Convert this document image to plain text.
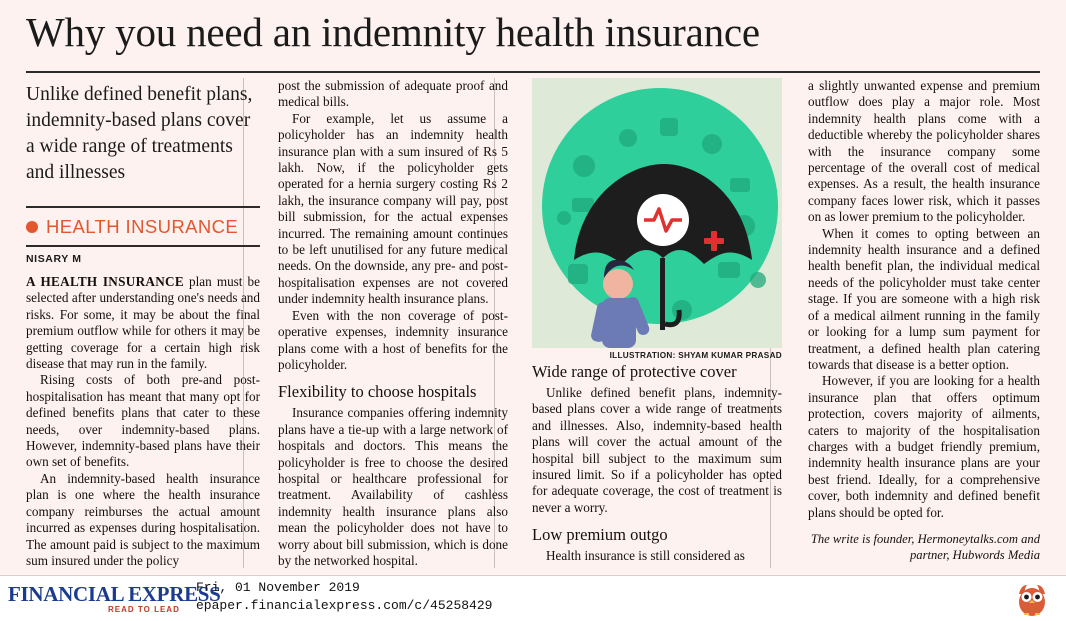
Why you need an indemnity health insurance
Unlike defined benefit plans, indemnity-based plans cover a wide range of treatments and illnesses
HEALTH INSURANCE
NISARY M

A HEALTH INSURANCE plan must be selected after understanding one's needs and risks. For some, it may be about the final premium outflow while for others it may be getting coverage for a certain high risk disease that may run in the family.

Rising costs of both pre-and post-hospitalisation has meant that many opt for defined benefits plans that cater to these needs, over indemnity-based plans. However, indemnity-based plans have their own set of benefits.

An indemnity-based health insurance plan is one where the health insurance company reimburses the actual amount incurred as expenses during hospitalisation. The amount paid is subject to the maximum sum insured under the policy

post the submission of adequate proof and medical bills.

For example, let us assume a policyholder has an indemnity health insurance plan with a sum insured of Rs 5 lakh. Now, if the policyholder gets operated for a hernia surgery costing Rs 2 lakh, the insurance company will pay, post bill submission, for the actual expenses incurred. The remaining amount continues to be left unutilised for any future medical needs. On the downside, any pre- and post-hospitalisation expenses are not covered under indemnity health insurance plans.

Even with the non coverage of post-operative expenses, indemnity insurance plans come with a host of benefits for the policyholder.

Flexibility to choose hospitals

Insurance companies offering indemnity plans have a tie-up with a large network of hospitals and doctors. This means the policyholder is free to choose the desired hospital or healthcare professional for treatment. Availability of cashless indemnity health insurance plans also mean the policyholder does not have to worry about bill submission, which is done by the networked hospital.

ILLUSTRATION: SHYAM KUMAR PRASAD
Wide range of protective cover

Unlike defined benefit plans, indemnity-based plans cover a wide range of treatments and illnesses. Also, indemnity-based health plans will cover the actual amount of the hospital bill subject to the maximum sum insured limit. So if a policyholder has opted for adequate coverage, the cost of treatment is never a worry.

Low premium outgo

Health insurance is still considered as

a slightly unwanted expense and premium outflow does play a major role. Most indemnity health plans come with a deductible whereby the policyholder shares with the insurance company some percentage of the overall cost of medical expenses. As a result, the health insurance company faces lower risk, which it passes on as lower premium to the policyholder.

When it comes to opting between an indemnity health insurance and a defined health benefit plan, the individual medical needs of the policyholder must take center stage. If you are someone with a high risk of a medical ailment running in the family or looking for a lump sum payment for treatment, a defined health plan catering towards that disease is a better option.

However, if you are looking for a health insurance plan that offers optimum protection, covers majority of ailments, caters to majority of the hospitalisation charges with a budget friendly premium, indemnity health insurance plans are your best friend. Ideally, for a comprehensive cover, both indemnity and defined benefit plans should be opted for.

The write is founder, Hermoneytalks.com and partner, Hubwords Media
FINANCIAL EXPRESS
READ TO LEAD
Fri, 01 November 2019
epaper.financialexpress.com/c/45258429
